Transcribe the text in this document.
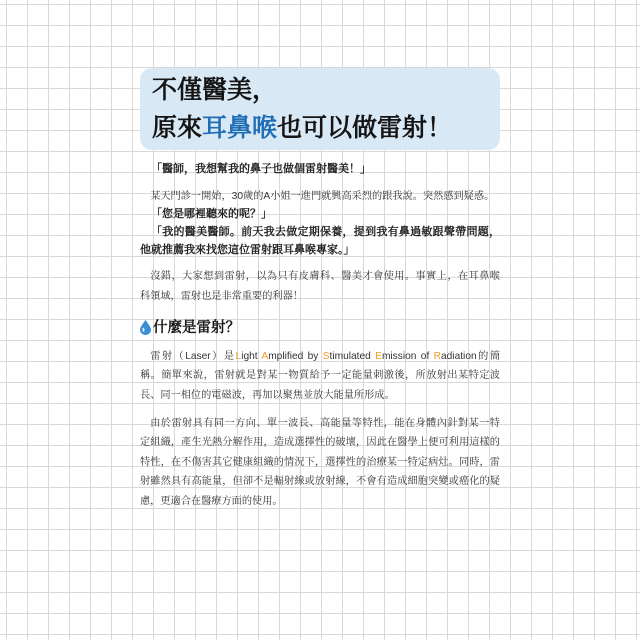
不僅醫美，
原來耳鼻喉也可以做雷射！
「醫師，我想幫我的鼻子也做個雷射醫美！」
某天門診一開始，30歲的A小姐一進門就興高采烈的跟我說。突然感到疑惑。
「您是哪裡聽來的呢？」
「我的醫美醫師。前天我去做定期保養，提到我有鼻過敏跟聲帶問題，
他就推薦我來找您這位雷射跟耳鼻喉專家。」
沒錯，大家想到雷射，以為只有皮膚科、醫美才會使用。事實上，在耳鼻喉
科領域，雷射也是非常重要的利器！
什麼是雷射？
雷射（Laser）是Light Amplified by Stimulated Emission of Radiation的簡
稱。簡單來說，雷射就是對某一物質給予一定能量刺激後，所放射出某特定波
長、同一相位的電磁波，再加以聚焦並放大能量所形成。
由於雷射具有同一方向、單一波長、高能量等特性，能在身體內針對某一特
定組織，產生光熱分解作用，造成選擇性的破壞，因此在醫學上便可利用這樣的
特性，在不傷害其它健康組織的情況下，選擇性的治療某一特定病灶。同時，雷
射雖然具有高能量，但卻不是輻射線或放射線，不會有造成細胞突變或癌化的疑
慮，更適合在醫療方面的使用。
